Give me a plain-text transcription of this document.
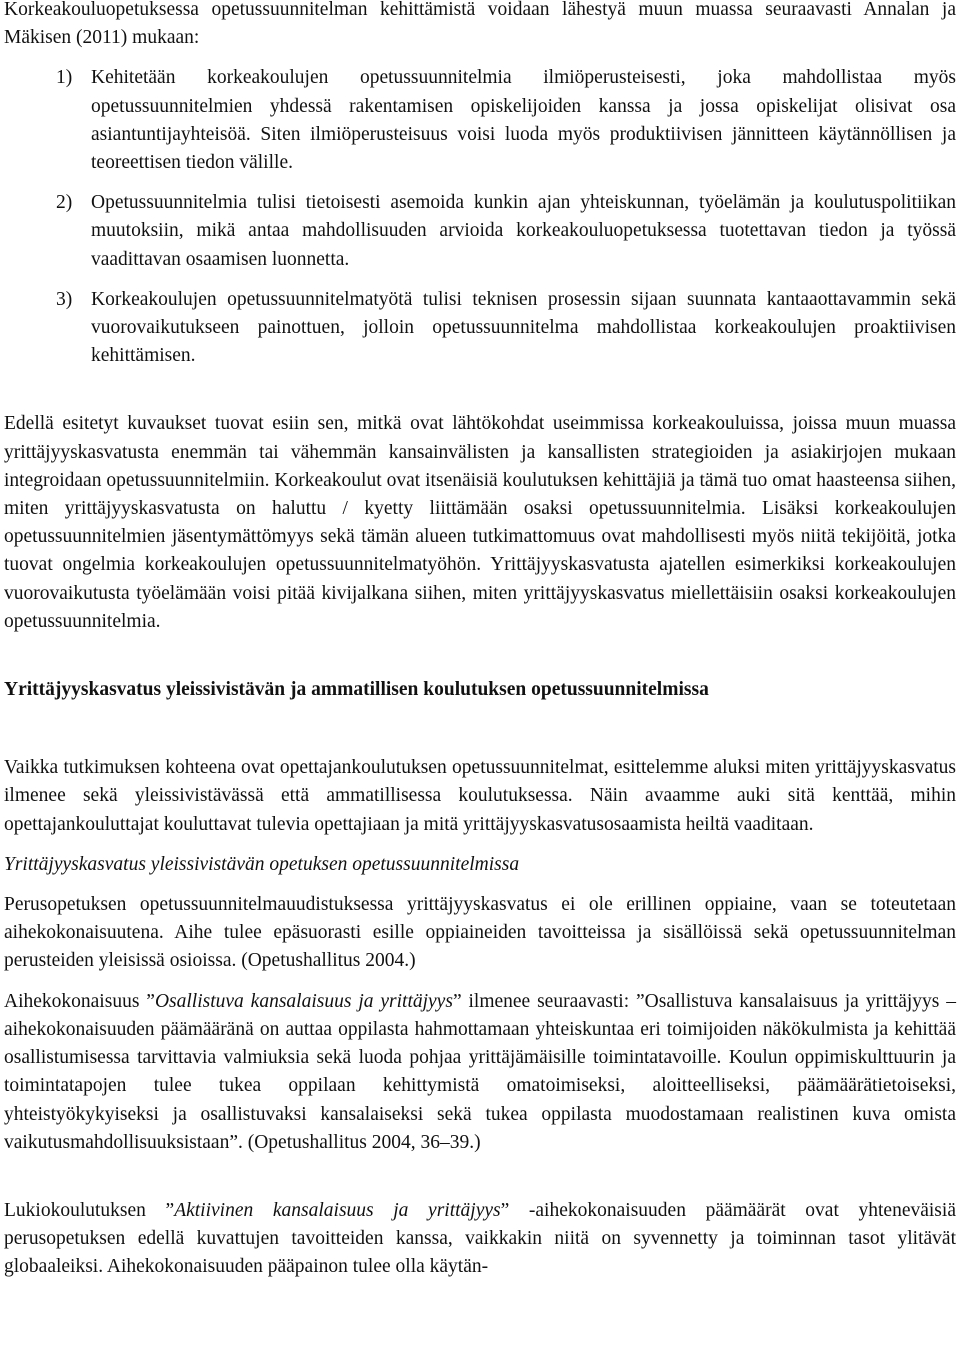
Korkeakouluopetuksessa opetussuunnitelman kehittämistä voidaan lähestyä muun muassa seuraavasti Annalan ja Mäkisen (2011) mukaan:

1) Kehitetään korkeakoulujen opetussuunnitelmia ilmiöperusteisesti, joka mahdollistaa myös opetussuunnitelmien yhdessä rakentamisen opiskelijoiden kanssa ja jossa opiskelijat olisivat osa asiantuntijayhteisöä. Siten ilmiöperusteisuus voisi luoda myös produktiivisen jännitteen käytännöllisen ja teoreettisen tiedon välille.
2) Opetussuunnitelmia tulisi tietoisesti asemoida kunkin ajan yhteiskunnan, työelämän ja koulutuspolitiikan muutoksiin, mikä antaa mahdollisuuden arvioida korkeakouluopetuksessa tuotettavan tiedon ja työssä vaadittavan osaamisen luonnetta.
3) Korkeakoulujen opetussuunnitelmatyötä tulisi teknisen prosessin sijaan suunnata kantaaottavammin sekä vuorovaikutukseen painottuen, jolloin opetussuunnitelma mahdollistaa korkeakoulujen proaktiivisen kehittämisen.

Edellä esitetyt kuvaukset tuovat esiin sen, mitkä ovat lähtökohdat useimmissa korkeakouluissa, joissa muun muassa yrittäjyyskasvatusta enemmän tai vähemmän kansainvälisten ja kansallisten strategioiden ja asiakirjojen mukaan integroidaan opetussuunnitelmiin. Korkeakoulut ovat itsenäisiä koulutuksen kehittäjiä ja tämä tuo omat haasteensa siihen, miten yrittäjyyskasvatusta on haluttu / kyetty liittämään osaksi opetussuunnitelmia. Lisäksi korkeakoulujen opetussuunnitelmien jäsentymättömyys sekä tämän alueen tutkimattomuus ovat mahdollisesti myös niitä tekijöitä, jotka tuovat ongelmia korkeakoulujen opetussuunnitelmatyöhön. Yrittäjyyskasvatusta ajatellen esimerkiksi korkeakoulujen vuorovaikutusta työelämään voisi pitää kivijalkana siihen, miten yrittäjyyskasvatus miellettäisiin osaksi korkeakoulujen opetussuunnitelmia.

Yrittäjyyskasvatus yleissivistävän ja ammatillisen koulutuksen opetussuunnitelmissa

Vaikka tutkimuksen kohteena ovat opettajankoulutuksen opetussuunnitelmat, esittelemme aluksi miten yrittäjyyskasvatus ilmenee sekä yleissivistävässä että ammatillisessa koulutuksessa. Näin avaamme auki sitä kenttää, mihin opettajankouluttajat kouluttavat tulevia opettajiaan ja mitä yrittäjyyskasvatusosaamista heiltä vaaditaan.

Yrittäjyyskasvatus yleissivistävän opetuksen opetussuunnitelmissa

Perusopetuksen opetussuunnitelmauudistuksessa yrittäjyyskasvatus ei ole erillinen oppiaine, vaan se toteutetaan aihekokonaisuutena. Aihe tulee epäsuorasti esille oppiaineiden tavoitteissa ja sisällöissä sekä opetussuunnitelman perusteiden yleisissä osioissa. (Opetushallitus 2004.)

Aihekokonaisuus ”Osallistuva kansalaisuus ja yrittäjyys” ilmenee seuraavasti: ”Osallistuva kansalaisuus ja yrittäjyys – aihekokonaisuuden päämääränä on auttaa oppilasta hahmottamaan yhteiskuntaa eri toimijoiden näkökulmista ja kehittää osallistumisessa tarvittavia valmiuksia sekä luoda pohjaa yrittäjämäisille toimintatavoille. Koulun oppimiskulttuurin ja toimintatapojen tulee tukea oppilaan kehittymistä omatoimiseksi, aloitteelliseksi, päämäärätietoiseksi, yhteistyökykyiseksi ja osallistuvaksi kansalaiseksi sekä tukea oppilasta muodostamaan realistinen kuva omista vaikutusmahdollisuuksistaan”. (Opetushallitus 2004, 36–39.)

Lukiokoulutuksen ”Aktiivinen kansalaisuus ja yrittäjyys” -aihekokonaisuuden päämäärät ovat yhteneväisiä perusopetuksen edellä kuvattujen tavoitteiden kanssa, vaikkakin niitä on syvennetty ja toiminnan tasot ylitävät globaaleiksi. Aihekokonaisuuden pääpainon tulee olla käytän-
